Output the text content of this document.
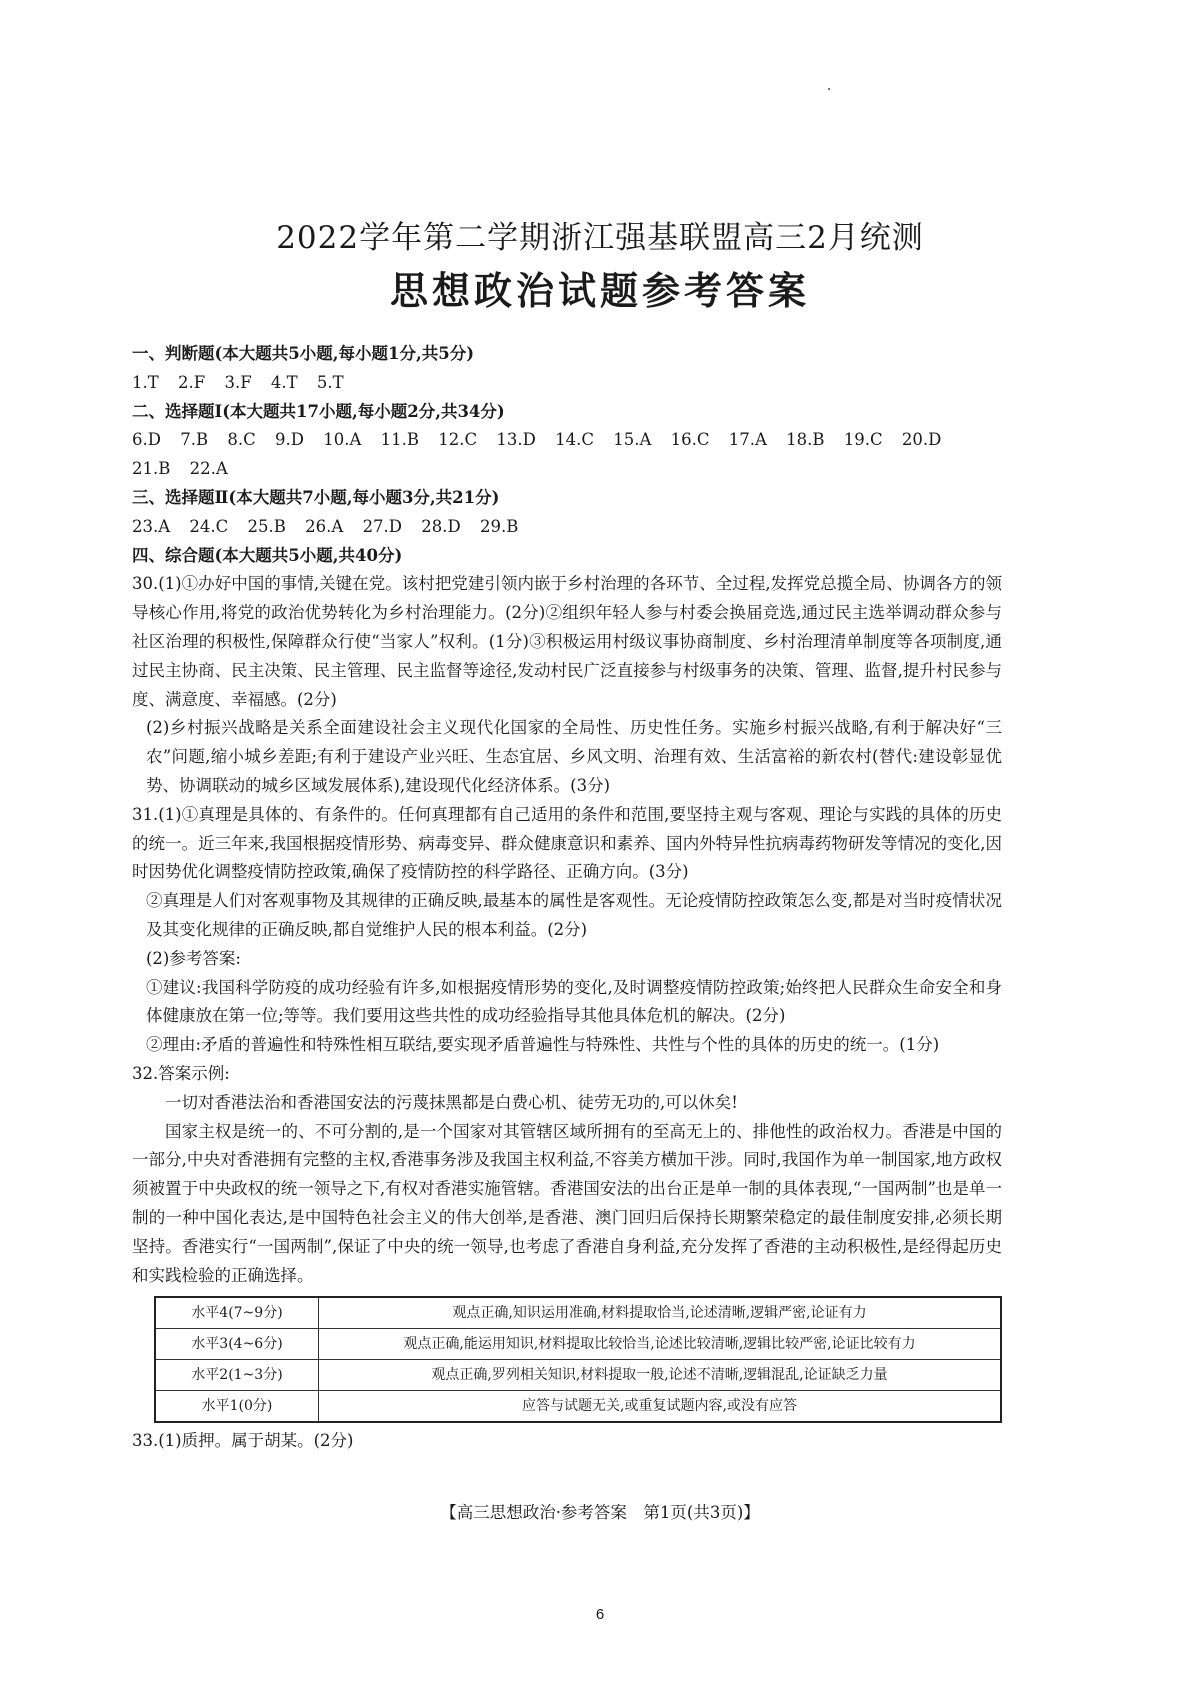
2022学年第二学期浙江强基联盟高三2月统测
思想政治试题参考答案

一、判断题(本大题共5小题,每小题1分,共5分)

1.T 2.F 3.F 4.T 5.T

二、选择题Ⅰ(本大题共17小题,每小题2分,共34分)

6.D 7.B 8.C 9.D 10.A 11.B 12.C 13.D 14.C 15.A 16.C 17.A 18.B 19.C 20.D

21.B 22.A

三、选择题Ⅱ(本大题共7小题,每小题3分,共21分)

23.A 24.C 25.B 26.A 27.D 28.D 29.B

四、综合题(本大题共5小题,共40分)

30.(1)①办好中国的事情,关键在党。该村把党建引领内嵌于乡村治理的各环节、全过程,发挥党总揽全局、协调各方的领导核心作用,将党的政治优势转化为乡村治理能力。(2分)②组织年轻人参与村委会换届竞选,通过民主选举调动群众参与社区治理的积极性,保障群众行使“当家人”权利。(1分)③积极运用村级议事协商制度、乡村治理清单制度等各项制度,通过民主协商、民主决策、民主管理、民主监督等途径,发动村民广泛直接参与村级事务的决策、管理、监督,提升村民参与度、满意度、幸福感。(2分)

(2)乡村振兴战略是关系全面建设社会主义现代化国家的全局性、历史性任务。实施乡村振兴战略,有利于解决好“三农”问题,缩小城乡差距;有利于建设产业兴旺、生态宜居、乡风文明、治理有效、生活富裕的新农村(替代:建设彰显优势、协调联动的城乡区域发展体系),建设现代化经济体系。(3分)

31.(1)①真理是具体的、有条件的。任何真理都有自己适用的条件和范围,要坚持主观与客观、理论与实践的具体的历史的统一。近三年来,我国根据疫情形势、病毒变异、群众健康意识和素养、国内外特异性抗病毒药物研发等情况的变化,因时因势优化调整疫情防控政策,确保了疫情防控的科学路径、正确方向。(3分)

②真理是人们对客观事物及其规律的正确反映,最基本的属性是客观性。无论疫情防控政策怎么变,都是对当时疫情状况及其变化规律的正确反映,都自觉维护人民的根本利益。(2分)

(2)参考答案:

①建议:我国科学防疫的成功经验有许多,如根据疫情形势的变化,及时调整疫情防控政策;始终把人民群众生命安全和身体健康放在第一位;等等。我们要用这些共性的成功经验指导其他具体危机的解决。(2分)

②理由:矛盾的普遍性和特殊性相互联结,要实现矛盾普遍性与特殊性、共性与个性的具体的历史的统一。(1分)

32.答案示例:

一切对香港法治和香港国安法的污蔑抹黑都是白费心机、徒劳无功的,可以休矣!

国家主权是统一的、不可分割的,是一个国家对其管辖区域所拥有的至高无上的、排他性的政治权力。香港是中国的一部分,中央对香港拥有完整的主权,香港事务涉及我国主权利益,不容美方横加干涉。同时,我国作为单一制国家,地方政权须被置于中央政权的统一领导之下,有权对香港实施管辖。香港国安法的出台正是单一制的具体表现,“一国两制”也是单一制的一种中国化表达,是中国特色社会主义的伟大创举,是香港、澳门回归后保持长期繁荣稳定的最佳制度安排,必须长期坚持。香港实行“一国两制”,保证了中央的统一领导,也考虑了香港自身利益,充分发挥了香港的主动积极性,是经得起历史和实践检验的正确选择。

水平4(7~9分)	观点正确,知识运用准确,材料提取恰当,论述清晰,逻辑严密,论证有力
水平3(4~6分)	观点正确,能运用知识,材料提取比较恰当,论述比较清晰,逻辑比较严密,论证比较有力
水平2(1~3分)	观点正确,罗列相关知识,材料提取一般,论述不清晰,逻辑混乱,论证缺乏力量
水平1(0分)	应答与试题无关,或重复试题内容,或没有应答

33.(1)质押。属于胡某。(2分)

【高三思想政治·参考答案　第1页(共3页)】
6
